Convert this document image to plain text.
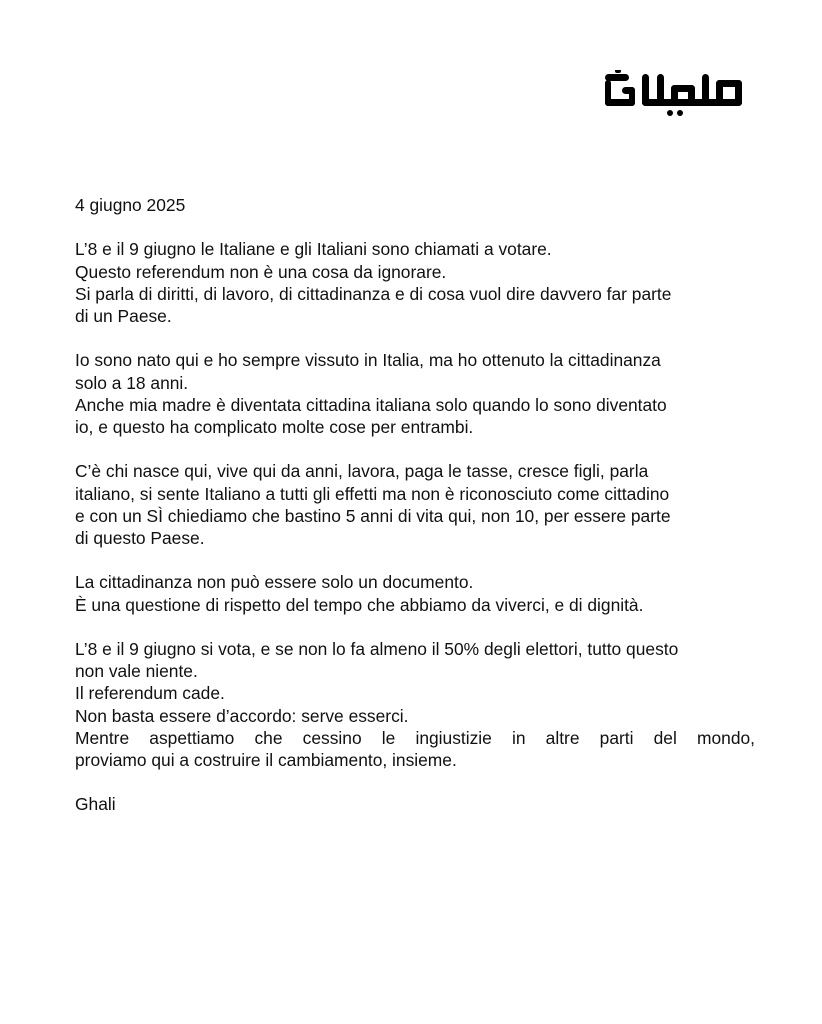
4 giugno 2025

L’8 e il 9 giugno le Italiane e gli Italiani sono chiamati a votare.
Questo referendum non è una cosa da ignorare.
Si parla di diritti, di lavoro, di cittadinanza e di cosa vuol dire davvero far parte
di un Paese.

Io sono nato qui e ho sempre vissuto in Italia, ma ho ottenuto la cittadinanza
solo a 18 anni.
Anche mia madre è diventata cittadina italiana solo quando lo sono diventato
io, e questo ha complicato molte cose per entrambi.

C’è chi nasce qui, vive qui da anni, lavora, paga le tasse, cresce figli, parla
italiano, si sente Italiano a tutti gli effetti ma non è riconosciuto come cittadino
e con un SÌ chiediamo che bastino 5 anni di vita qui, non 10, per essere parte
di questo Paese.

La cittadinanza non può essere solo un documento.
È una questione di rispetto del tempo che abbiamo da viverci, e di dignità.

L’8 e il 9 giugno si vota, e se non lo fa almeno il 50% degli elettori, tutto questo
non vale niente.
Il referendum cade.
Non basta essere d’accordo: serve esserci.
Mentre aspettiamo che cessino le ingiustizie in altre parti del mondo,
proviamo qui a costruire il cambiamento, insieme.

Ghali
